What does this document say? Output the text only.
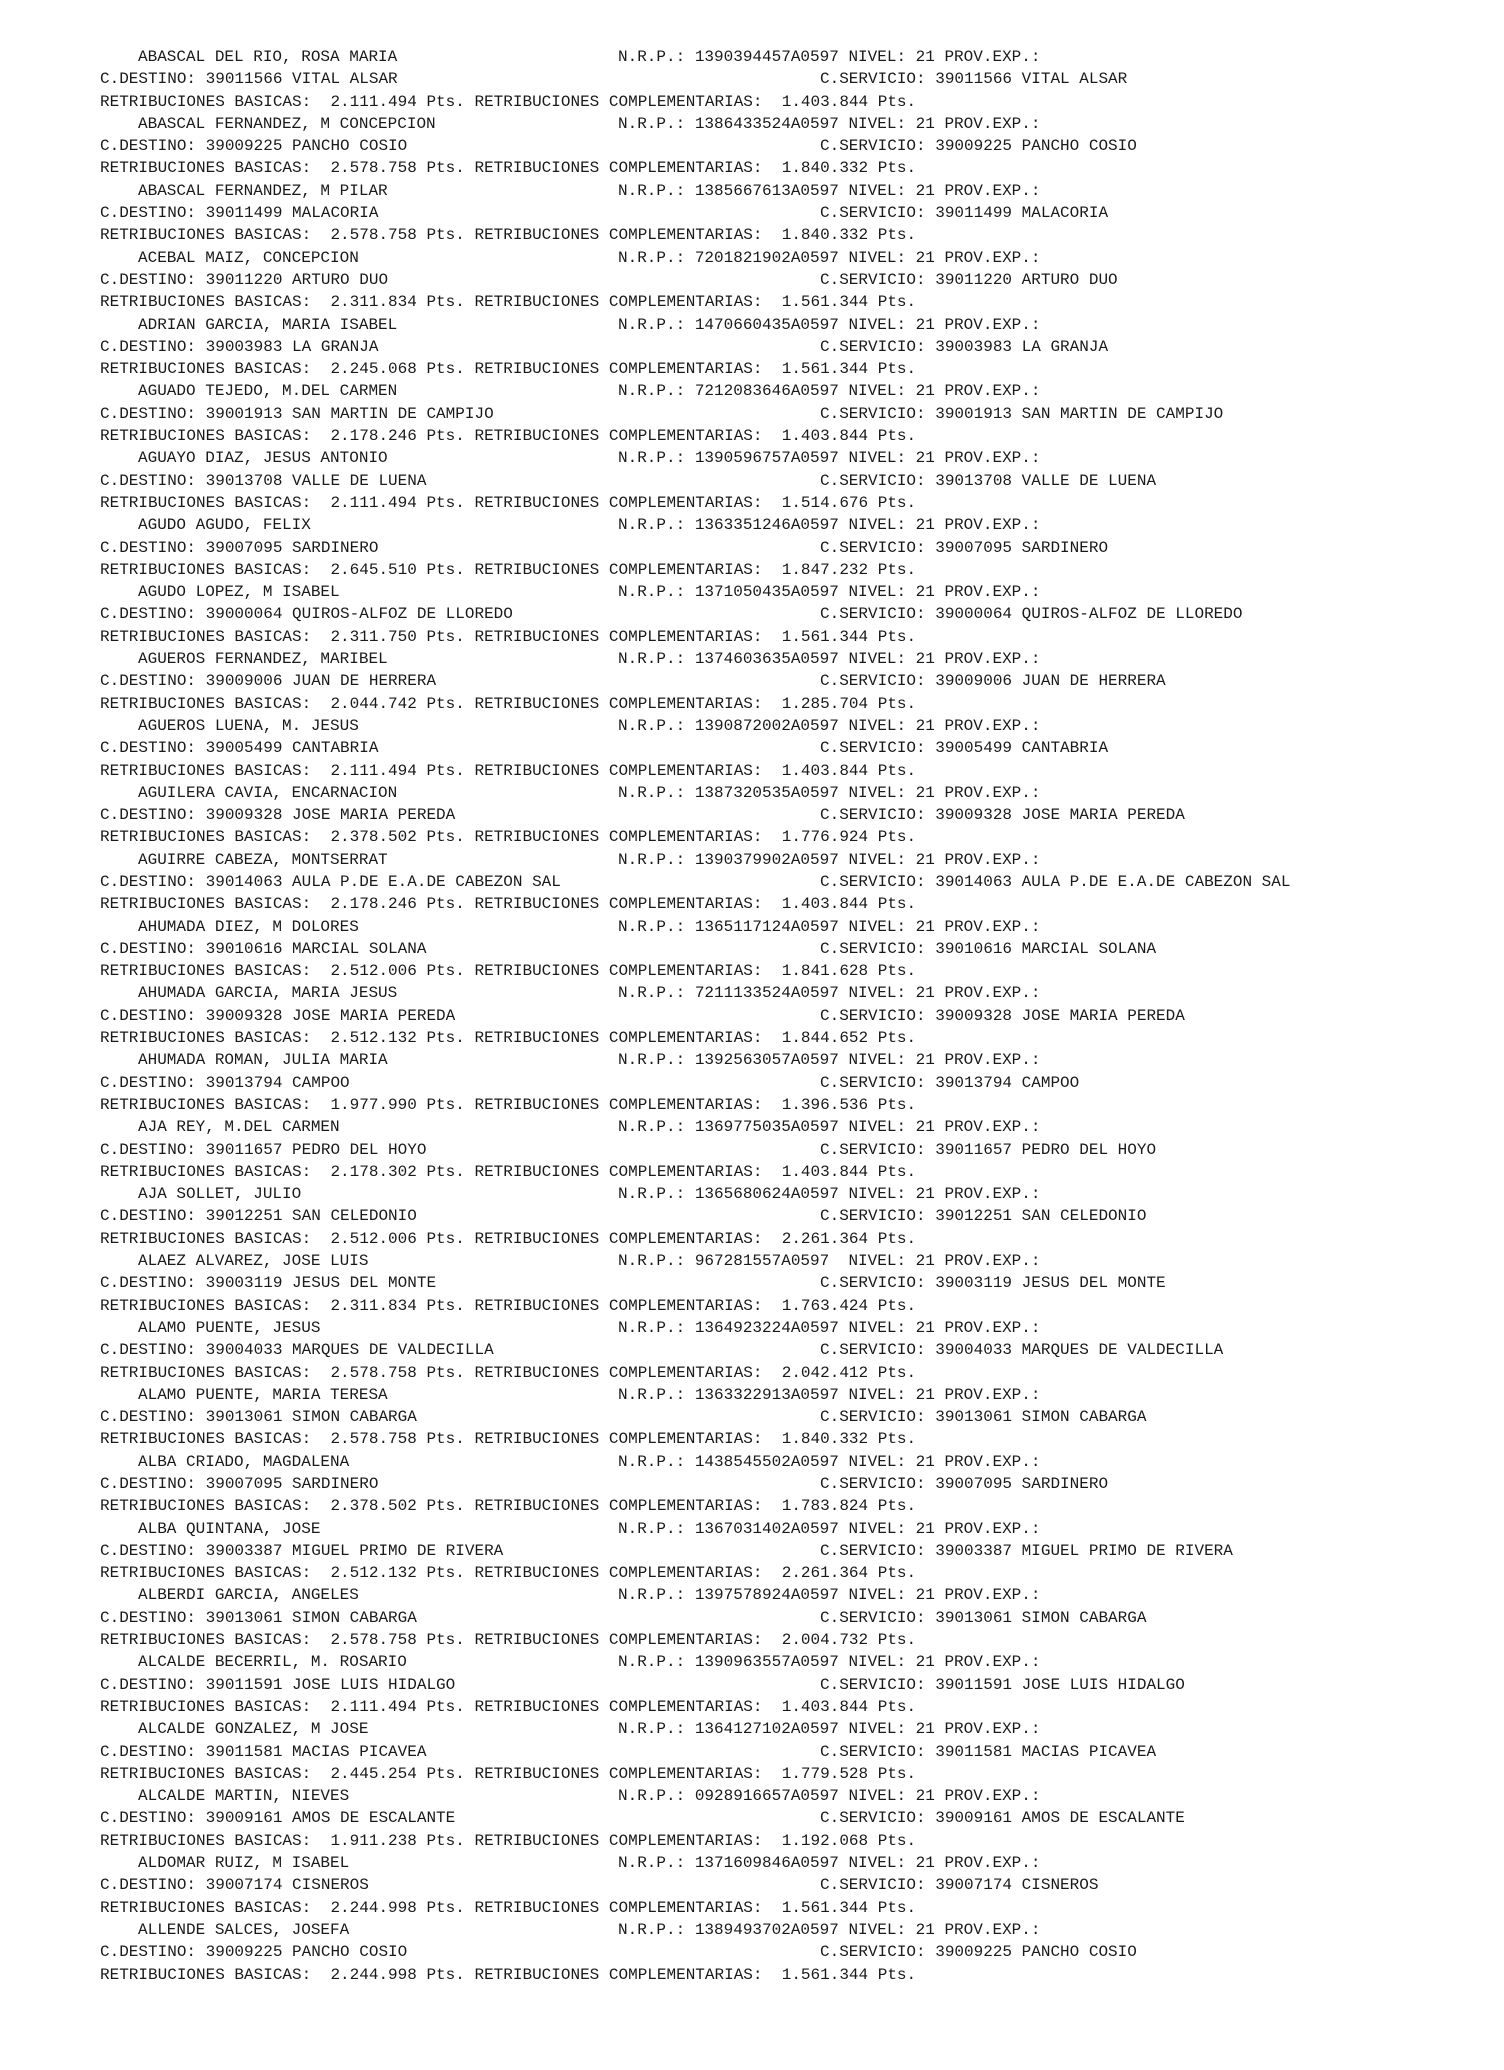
ABASCAL DEL RIO, ROSA MARIA	N.R.P.: 1390394457A0597 NIVEL: 21 PROV.EXP.:
C.DESTINO: 39011566 VITAL ALSAR	C.SERVICIO: 39011566 VITAL ALSAR
RETRIBUCIONES BASICAS:  2.111.494 Pts. RETRIBUCIONES COMPLEMENTARIAS:  1.403.844 Pts.
ABASCAL FERNANDEZ, M CONCEPCION	N.R.P.: 1386433524A0597 NIVEL: 21 PROV.EXP.:
C.DESTINO: 39009225 PANCHO COSIO	C.SERVICIO: 39009225 PANCHO COSIO
RETRIBUCIONES BASICAS:  2.578.758 Pts. RETRIBUCIONES COMPLEMENTARIAS:  1.840.332 Pts.
ABASCAL FERNANDEZ, M PILAR	N.R.P.: 1385667613A0597 NIVEL: 21 PROV.EXP.:
C.DESTINO: 39011499 MALACORIA	C.SERVICIO: 39011499 MALACORIA
RETRIBUCIONES BASICAS:  2.578.758 Pts. RETRIBUCIONES COMPLEMENTARIAS:  1.840.332 Pts.
ACEBAL MAIZ, CONCEPCION	N.R.P.: 7201821902A0597 NIVEL: 21 PROV.EXP.:
C.DESTINO: 39011220 ARTURO DUO	C.SERVICIO: 39011220 ARTURO DUO
RETRIBUCIONES BASICAS:  2.311.834 Pts. RETRIBUCIONES COMPLEMENTARIAS:  1.561.344 Pts.
ADRIAN GARCIA, MARIA ISABEL	N.R.P.: 1470660435A0597 NIVEL: 21 PROV.EXP.:
C.DESTINO: 39003983 LA GRANJA	C.SERVICIO: 39003983 LA GRANJA
RETRIBUCIONES BASICAS:  2.245.068 Pts. RETRIBUCIONES COMPLEMENTARIAS:  1.561.344 Pts.
AGUADO TEJEDO, M.DEL CARMEN	N.R.P.: 7212083646A0597 NIVEL: 21 PROV.EXP.:
C.DESTINO: 39001913 SAN MARTIN DE CAMPIJO	C.SERVICIO: 39001913 SAN MARTIN DE CAMPIJO
RETRIBUCIONES BASICAS:  2.178.246 Pts. RETRIBUCIONES COMPLEMENTARIAS:  1.403.844 Pts.
AGUAYO DIAZ, JESUS ANTONIO	N.R.P.: 1390596757A0597 NIVEL: 21 PROV.EXP.:
C.DESTINO: 39013708 VALLE DE LUENA	C.SERVICIO: 39013708 VALLE DE LUENA
RETRIBUCIONES BASICAS:  2.111.494 Pts. RETRIBUCIONES COMPLEMENTARIAS:  1.514.676 Pts.
AGUDO AGUDO, FELIX	N.R.P.: 1363351246A0597 NIVEL: 21 PROV.EXP.:
C.DESTINO: 39007095 SARDINERO	C.SERVICIO: 39007095 SARDINERO
RETRIBUCIONES BASICAS:  2.645.510 Pts. RETRIBUCIONES COMPLEMENTARIAS:  1.847.232 Pts.
AGUDO LOPEZ, M ISABEL	N.R.P.: 1371050435A0597 NIVEL: 21 PROV.EXP.:
C.DESTINO: 39000064 QUIROS-ALFOZ DE LLOREDO	C.SERVICIO: 39000064 QUIROS-ALFOZ DE LLOREDO
RETRIBUCIONES BASICAS:  2.311.750 Pts. RETRIBUCIONES COMPLEMENTARIAS:  1.561.344 Pts.
AGUEROS FERNANDEZ, MARIBEL	N.R.P.: 1374603635A0597 NIVEL: 21 PROV.EXP.:
C.DESTINO: 39009006 JUAN DE HERRERA	C.SERVICIO: 39009006 JUAN DE HERRERA
RETRIBUCIONES BASICAS:  2.044.742 Pts. RETRIBUCIONES COMPLEMENTARIAS:  1.285.704 Pts.
AGUEROS LUENA, M. JESUS	N.R.P.: 1390872002A0597 NIVEL: 21 PROV.EXP.:
C.DESTINO: 39005499 CANTABRIA	C.SERVICIO: 39005499 CANTABRIA
RETRIBUCIONES BASICAS:  2.111.494 Pts. RETRIBUCIONES COMPLEMENTARIAS:  1.403.844 Pts.
AGUILERA CAVIA, ENCARNACION	N.R.P.: 1387320535A0597 NIVEL: 21 PROV.EXP.:
C.DESTINO: 39009328 JOSE MARIA PEREDA	C.SERVICIO: 39009328 JOSE MARIA PEREDA
RETRIBUCIONES BASICAS:  2.378.502 Pts. RETRIBUCIONES COMPLEMENTARIAS:  1.776.924 Pts.
AGUIRRE CABEZA, MONTSERRAT	N.R.P.: 1390379902A0597 NIVEL: 21 PROV.EXP.:
C.DESTINO: 39014063 AULA P.DE E.A.DE CABEZON SAL	C.SERVICIO: 39014063 AULA P.DE E.A.DE CABEZON SAL
RETRIBUCIONES BASICAS:  2.178.246 Pts. RETRIBUCIONES COMPLEMENTARIAS:  1.403.844 Pts.
AHUMADA DIEZ, M DOLORES	N.R.P.: 1365117124A0597 NIVEL: 21 PROV.EXP.:
C.DESTINO: 39010616 MARCIAL SOLANA	C.SERVICIO: 39010616 MARCIAL SOLANA
RETRIBUCIONES BASICAS:  2.512.006 Pts. RETRIBUCIONES COMPLEMENTARIAS:  1.841.628 Pts.
AHUMADA GARCIA, MARIA JESUS	N.R.P.: 7211133524A0597 NIVEL: 21 PROV.EXP.:
C.DESTINO: 39009328 JOSE MARIA PEREDA	C.SERVICIO: 39009328 JOSE MARIA PEREDA
RETRIBUCIONES BASICAS:  2.512.132 Pts. RETRIBUCIONES COMPLEMENTARIAS:  1.844.652 Pts.
AHUMADA ROMAN, JULIA MARIA	N.R.P.: 1392563057A0597 NIVEL: 21 PROV.EXP.:
C.DESTINO: 39013794 CAMPOO	C.SERVICIO: 39013794 CAMPOO
RETRIBUCIONES BASICAS:  1.977.990 Pts. RETRIBUCIONES COMPLEMENTARIAS:  1.396.536 Pts.
AJA REY, M.DEL CARMEN	N.R.P.: 1369775035A0597 NIVEL: 21 PROV.EXP.:
C.DESTINO: 39011657 PEDRO DEL HOYO	C.SERVICIO: 39011657 PEDRO DEL HOYO
RETRIBUCIONES BASICAS:  2.178.302 Pts. RETRIBUCIONES COMPLEMENTARIAS:  1.403.844 Pts.
AJA SOLLET, JULIO	N.R.P.: 1365680624A0597 NIVEL: 21 PROV.EXP.:
C.DESTINO: 39012251 SAN CELEDONIO	C.SERVICIO: 39012251 SAN CELEDONIO
RETRIBUCIONES BASICAS:  2.512.006 Pts. RETRIBUCIONES COMPLEMENTARIAS:  2.261.364 Pts.
ALAEZ ALVAREZ, JOSE LUIS	N.R.P.: 967281557A0597  NIVEL: 21 PROV.EXP.:
C.DESTINO: 39003119 JESUS DEL MONTE	C.SERVICIO: 39003119 JESUS DEL MONTE
RETRIBUCIONES BASICAS:  2.311.834 Pts. RETRIBUCIONES COMPLEMENTARIAS:  1.763.424 Pts.
ALAMO PUENTE, JESUS	N.R.P.: 1364923224A0597 NIVEL: 21 PROV.EXP.:
C.DESTINO: 39004033 MARQUES DE VALDECILLA	C.SERVICIO: 39004033 MARQUES DE VALDECILLA
RETRIBUCIONES BASICAS:  2.578.758 Pts. RETRIBUCIONES COMPLEMENTARIAS:  2.042.412 Pts.
ALAMO PUENTE, MARIA TERESA	N.R.P.: 1363322913A0597 NIVEL: 21 PROV.EXP.:
C.DESTINO: 39013061 SIMON CABARGA	C.SERVICIO: 39013061 SIMON CABARGA
RETRIBUCIONES BASICAS:  2.578.758 Pts. RETRIBUCIONES COMPLEMENTARIAS:  1.840.332 Pts.
ALBA CRIADO, MAGDALENA	N.R.P.: 1438545502A0597 NIVEL: 21 PROV.EXP.:
C.DESTINO: 39007095 SARDINERO	C.SERVICIO: 39007095 SARDINERO
RETRIBUCIONES BASICAS:  2.378.502 Pts. RETRIBUCIONES COMPLEMENTARIAS:  1.783.824 Pts.
ALBA QUINTANA, JOSE	N.R.P.: 1367031402A0597 NIVEL: 21 PROV.EXP.:
C.DESTINO: 39003387 MIGUEL PRIMO DE RIVERA	C.SERVICIO: 39003387 MIGUEL PRIMO DE RIVERA
RETRIBUCIONES BASICAS:  2.512.132 Pts. RETRIBUCIONES COMPLEMENTARIAS:  2.261.364 Pts.
ALBERDI GARCIA, ANGELES	N.R.P.: 1397578924A0597 NIVEL: 21 PROV.EXP.:
C.DESTINO: 39013061 SIMON CABARGA	C.SERVICIO: 39013061 SIMON CABARGA
RETRIBUCIONES BASICAS:  2.578.758 Pts. RETRIBUCIONES COMPLEMENTARIAS:  2.004.732 Pts.
ALCALDE BECERRIL, M. ROSARIO	N.R.P.: 1390963557A0597 NIVEL: 21 PROV.EXP.:
C.DESTINO: 39011591 JOSE LUIS HIDALGO	C.SERVICIO: 39011591 JOSE LUIS HIDALGO
RETRIBUCIONES BASICAS:  2.111.494 Pts. RETRIBUCIONES COMPLEMENTARIAS:  1.403.844 Pts.
ALCALDE GONZALEZ, M JOSE	N.R.P.: 1364127102A0597 NIVEL: 21 PROV.EXP.:
C.DESTINO: 39011581 MACIAS PICAVEA	C.SERVICIO: 39011581 MACIAS PICAVEA
RETRIBUCIONES BASICAS:  2.445.254 Pts. RETRIBUCIONES COMPLEMENTARIAS:  1.779.528 Pts.
ALCALDE MARTIN, NIEVES	N.R.P.: 0928916657A0597 NIVEL: 21 PROV.EXP.:
C.DESTINO: 39009161 AMOS DE ESCALANTE	C.SERVICIO: 39009161 AMOS DE ESCALANTE
RETRIBUCIONES BASICAS:  1.911.238 Pts. RETRIBUCIONES COMPLEMENTARIAS:  1.192.068 Pts.
ALDOMAR RUIZ, M ISABEL	N.R.P.: 1371609846A0597 NIVEL: 21 PROV.EXP.:
C.DESTINO: 39007174 CISNEROS	C.SERVICIO: 39007174 CISNEROS
RETRIBUCIONES BASICAS:  2.244.998 Pts. RETRIBUCIONES COMPLEMENTARIAS:  1.561.344 Pts.
ALLENDE SALCES, JOSEFA	N.R.P.: 1389493702A0597 NIVEL: 21 PROV.EXP.:
C.DESTINO: 39009225 PANCHO COSIO	C.SERVICIO: 39009225 PANCHO COSIO
RETRIBUCIONES BASICAS:  2.244.998 Pts. RETRIBUCIONES COMPLEMENTARIAS:  1.561.344 Pts.
